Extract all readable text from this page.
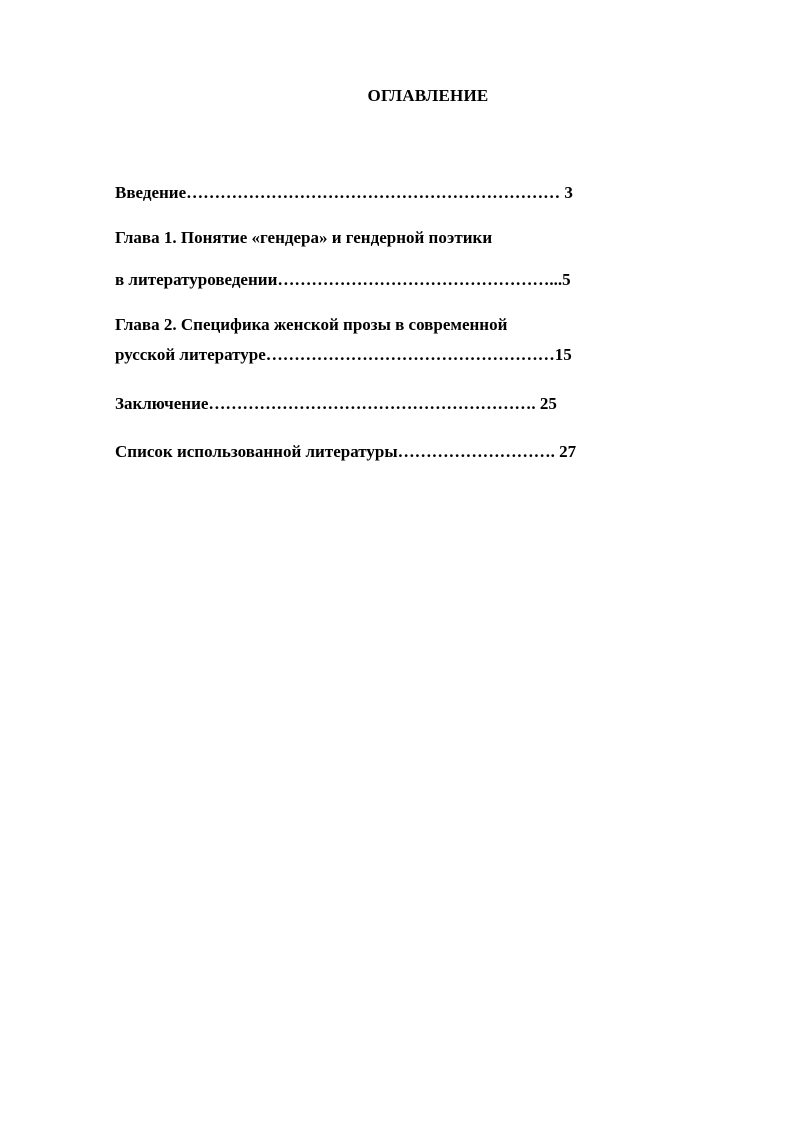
ОГЛАВЛЕНИЕ
Введение………………………………………………………… 3
Глава 1. Понятие «гендера» и гендерной поэтики
в литературоведении…………………………………………...5
Глава 2. Специфика женской прозы в современной
русской литературе……………………………………………15
Заключение…………………………………………………. 25
Список использованной литературы………………………. 27
